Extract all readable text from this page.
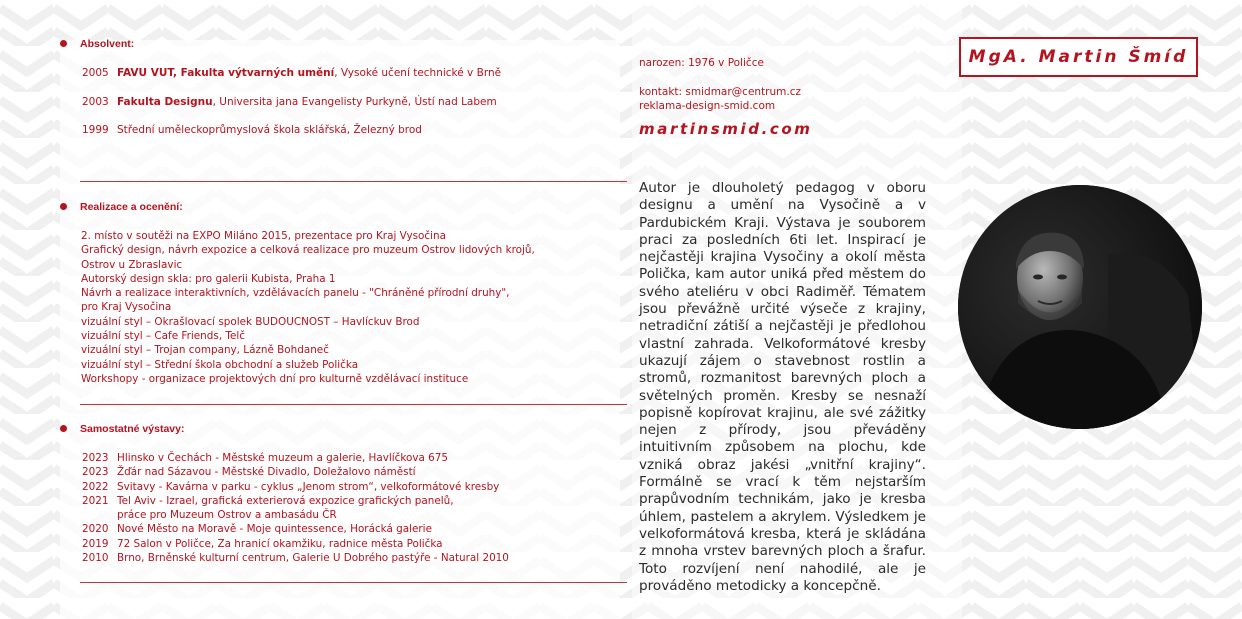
Absolvent:
2005 FAVU VUT, Fakulta výtvarných umění, Vysoké učení technické v Brně
2003 Fakulta Designu, Universita jana Evangelisty Purkyně, Ústí nad Labem
1999 Střední uměleckoprůmyslová škola sklářská, Železný brod
Realizace a ocenění:
2. místo v soutěži na EXPO Miláno 2015, prezentace pro Kraj Vysočina
Grafický design, návrh expozice a celková realizace pro muzeum Ostrov lidových krojů,
Ostrov u Zbraslavic
Autorský design skla: pro galerii Kubista, Praha 1
Návrh a realizace interaktivních, vzdělávacích panelu - "Chráněné přírodní druhy",
pro Kraj Vysočina
vizuální styl – Okrašlovací spolek BUDOUCNOST – Havlíckuv Brod
vizuální styl – Cafe Friends, Telč
vizuální styl – Trojan company, Lázně Bohdaneč
vizuální styl – Střední škola obchodní a služeb Polička
Workshopy - organizace projektových dní pro kulturně vzdělávací instituce
Samostatné výstavy:
2023 Hlinsko v Čechách - Městské muzeum a galerie, Havlíčkova 675
2023 Žďár nad Sázavou - Městské Divadlo, Doležalovo náměstí
2022 Svitavy - Kavárna v parku - cyklus „Jenom strom“, velkoformátové kresby
2021 Tel Aviv - Izrael, grafická exterierová expozice grafických panelů,
práce pro Muzeum Ostrov a ambasádu ČR
2020 Nové Město na Moravě - Moje quintessence, Horácká galerie
2019 72 Salon v Poličce, Za hranicí okamžiku, radnice města Polička
2010 Brno, Brněnské kulturní centrum, Galerie U Dobrého pastýře - Natural 2010
narozen: 1976 v Poličce
kontakt: smidmar@centrum.cz
reklama-design-smid.com
martinsmid.com
Autor je dlouholetý pedagog v oboru designu a umění na Vysočině a v Pardubickém Kraji. Výstava je souborem praci za posledních 6ti let. Inspirací je nejčastěji krajina Vysočiny a okolí města Polička, kam autor uniká před městem do svého ateliéru v obci Radiměř. Tématem jsou převážně určité výseče z krajiny, netradiční zátiší a nejčastěji je předlohou vlastní zahrada. Velkoformátové kresby ukazují zájem o stavebnost rostlin a stromů, rozmanitost barevných ploch a světelných proměn. Kresby se nesnaží popisně kopírovat krajinu, ale své zážitky nejen z přírody, jsou převáděny intuitivním způsobem na plochu, kde vzniká obraz jakési „vnitřní krajiny“. Formálně se vrací k těm nejstarším prapůvodním technikám, jako je kresba úhlem, pastelem a akrylem. Výsledkem je velkoformátová kresba, která je skládána z mnoha vrstev barevných ploch a šrafur. Toto rozvíjení není nahodilé, ale je prováděno metodicky a koncepčně.
MgA. Martin Šmíd
